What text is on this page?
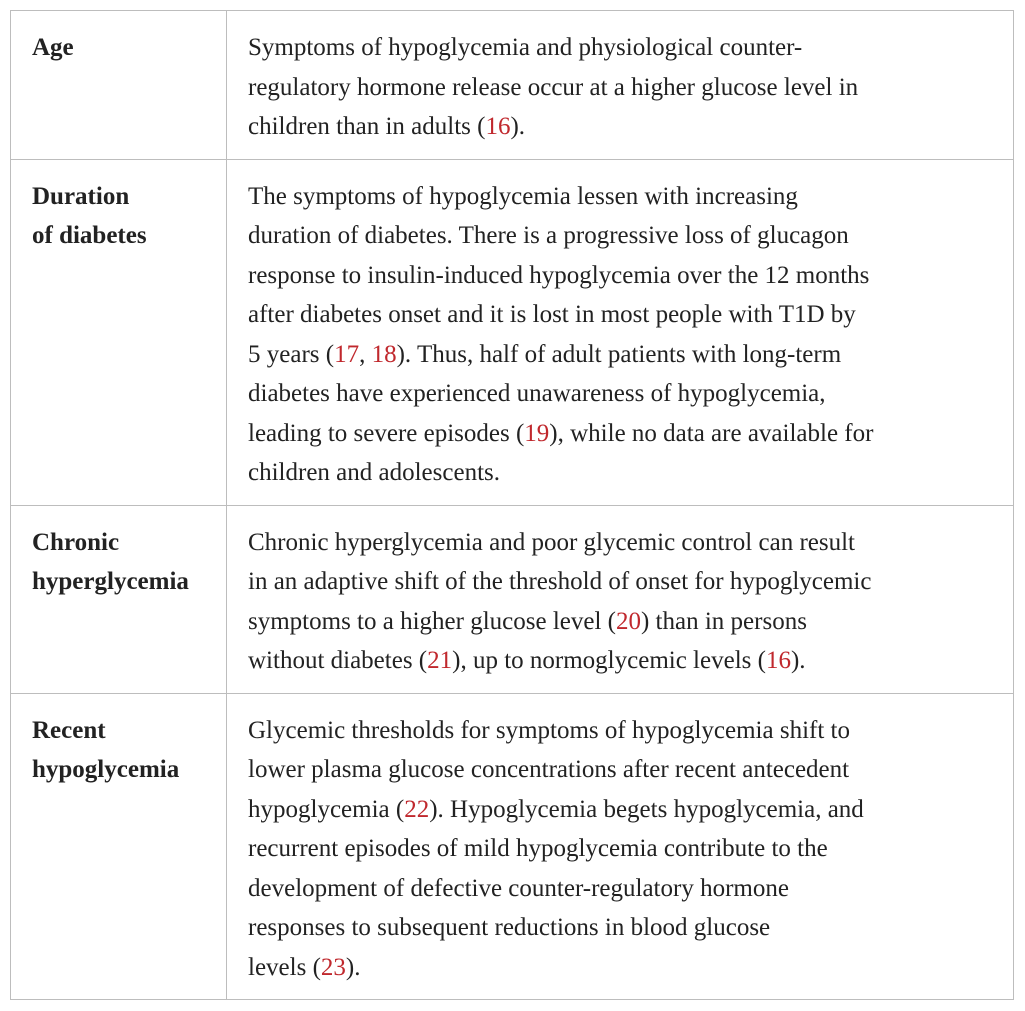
Age	Symptoms of hypoglycemia and physiological counter-
regulatory hormone release occur at a higher glucose level in
children than in adults (16).
Duration
of diabetes
The symptoms of hypoglycemia lessen with increasing
duration of diabetes. There is a progressive loss of glucagon
response to insulin-induced hypoglycemia over the 12 months
after diabetes onset and it is lost in most people with T1D by
5 years (17, 18). Thus, half of adult patients with long-term
diabetes have experienced unawareness of hypoglycemia,
leading to severe episodes (19), while no data are available for
children and adolescents.
Chronic
hyperglycemia
Chronic hyperglycemia and poor glycemic control can result
in an adaptive shift of the threshold of onset for hypoglycemic
symptoms to a higher glucose level (20) than in persons
without diabetes (21), up to normoglycemic levels (16).
Recent
hypoglycemia
Glycemic thresholds for symptoms of hypoglycemia shift to
lower plasma glucose concentrations after recent antecedent
hypoglycemia (22). Hypoglycemia begets hypoglycemia, and
recurrent episodes of mild hypoglycemia contribute to the
development of defective counter-regulatory hormone
responses to subsequent reductions in blood glucose
levels (23).
